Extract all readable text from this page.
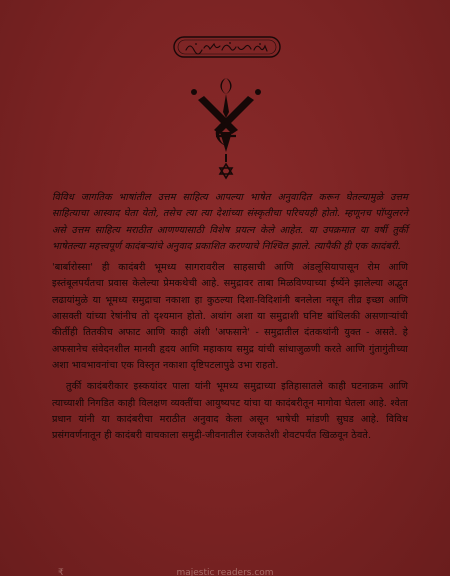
विविध जागतिक भाषांतील उत्तम साहित्य आपल्या भाषेत अनुवादित करून घेतल्यामुळे उत्तम साहित्याचा आस्वाद घेता येतो, तसेच त्या त्या देशांच्या संस्कृतीचा परिचयही होतो. म्हणूनच पॉप्युलरने असे उत्तम साहित्य मराठीत आणण्यासाठी विशेष प्रयत्न केले आहेत. या उपक्रमात या वर्षी तुर्की भाषेतल्या महत्त्वपूर्ण कादंबऱ्यांचे अनुवाद प्रकाशित करण्याचे निश्चित झाले. त्यापैकी ही एक कादंबरी.

'बार्बारोस्सा' ही कादंबरी भूमध्य सागरावरील साहसाची आणि अंडलूसियापासून रोम आणि इस्तंबूलपर्यंतचा प्रवास केलेल्या प्रेमकथेची आहे. समुद्रावर ताबा मिळविण्याच्या ईर्ष्येने झालेल्या अद्भुत लढायांमुळे या भूमध्य समुद्राचा नकाशा हा कुठल्या दिशा-विदिशांनी बनलेला नसून तीव्र इच्छा आणि आसक्ती यांच्या रेषांनीच तो दृश्यमान होतो. अथांग अशा या समुद्राशी घनिष्ट बांधिलकी असणाऱ्यांची कीर्तीही तितकीच अफाट आणि काही अंशी 'अफसाने' - समुद्रातील दंतकथांनी युक्त - असते. हे अफसानेच संवेदनशील मानवी हृदय आणि महाकाय समुद्र यांची सांधाजुळणी करते आणि गुंतागुंतीच्या अशा भावभावनांचा एक विस्तृत नकाशा दृष्टिपटलापुढे उभा राहतो.

तुर्की कादंबरीकार इस्कयांदर पाला यांनी भूमध्य समुद्राच्या इतिहासातले काही घटनाक्रम आणि त्याच्याशी निगडित काही विलक्षण व्यक्तींचा आयुष्यपट यांचा या कादंबरीतून मागोवा घेतला आहे. श्वेता प्रधान यांनी या कादंबरीचा मराठीत अनुवाद केला असून भाषेची मांडणी सुघड आहे. विविध प्रसंगवर्णनातून ही कादंबरी वाचकाला समुद्री-जीवनातील रंजकतेशी शेवटपर्यंत खिळवून ठेवते.

₹	majestic readers.com
